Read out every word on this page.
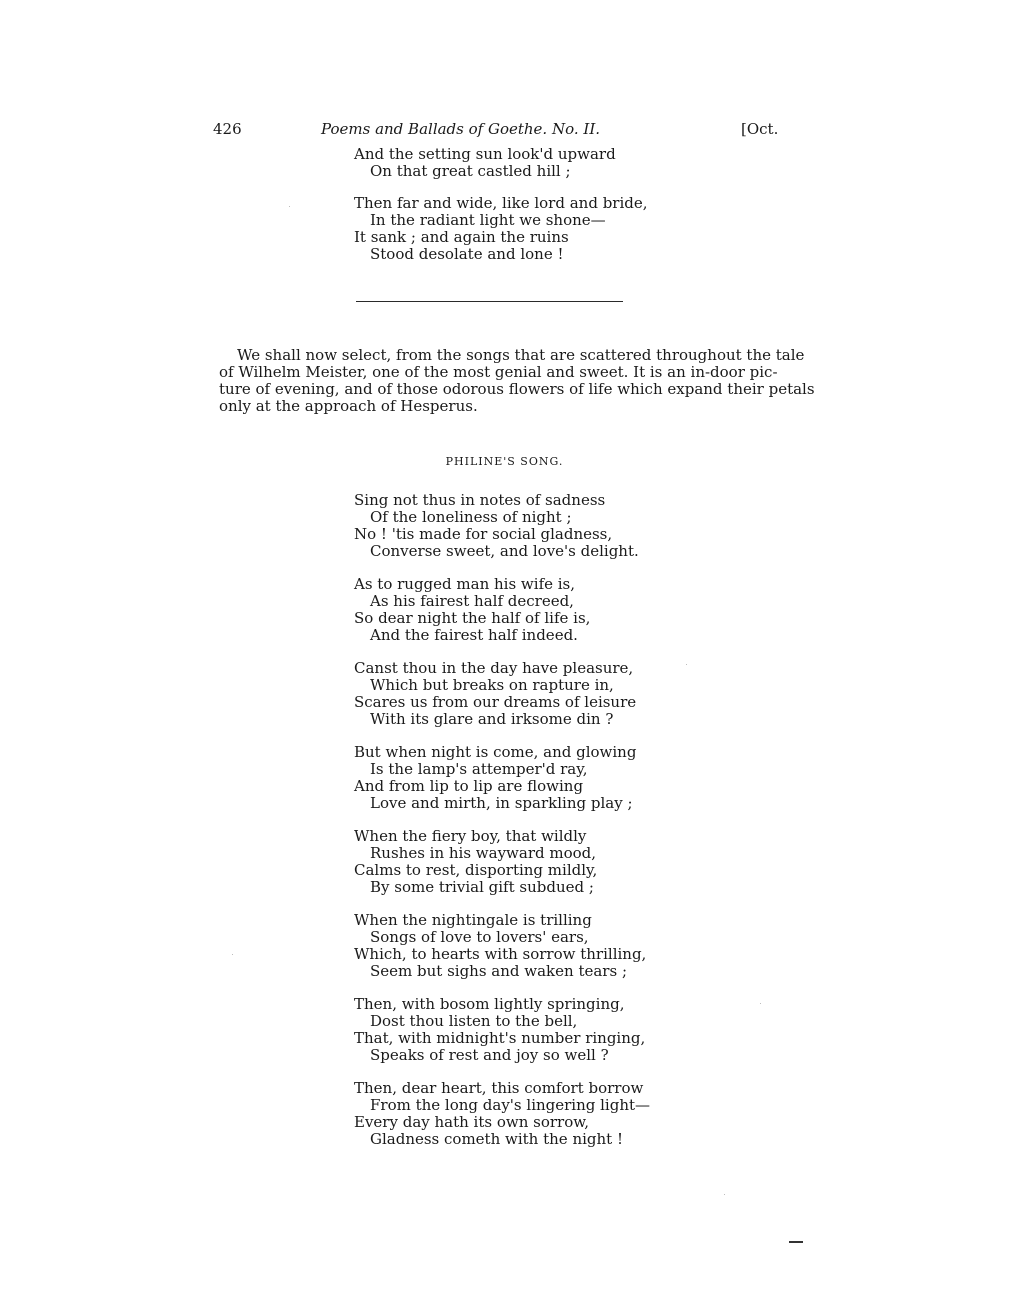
426	Poems and Ballads of Goethe. No. II.	[Oct.
And the setting sun look'd upward
On that great castled hill ;
Then far and wide, like lord and bride,
In the radiant light we shone—
It sank ; and again the ruins
Stood desolate and lone !
We shall now select, from the songs that are scattered throughout the tale
of Wilhelm Meister, one of the most genial and sweet. It is an in-door pic-
ture of evening, and of those odorous flowers of life which expand their petals
only at the approach of Hesperus.
PHILINE'S SONG.
Sing not thus in notes of sadness
Of the loneliness of night ;
No ! 'tis made for social gladness,
Converse sweet, and love's delight.
As to rugged man his wife is,
As his fairest half decreed,
So dear night the half of life is,
And the fairest half indeed.
Canst thou in the day have pleasure,
Which but breaks on rapture in,
Scares us from our dreams of leisure
With its glare and irksome din ?
But when night is come, and glowing
Is the lamp's attemper'd ray,
And from lip to lip are flowing
Love and mirth, in sparkling play ;
When the fiery boy, that wildly
Rushes in his wayward mood,
Calms to rest, disporting mildly,
By some trivial gift subdued ;
When the nightingale is trilling
Songs of love to lovers' ears,
Which, to hearts with sorrow thrilling,
Seem but sighs and waken tears ;
Then, with bosom lightly springing,
Dost thou listen to the bell,
That, with midnight's number ringing,
Speaks of rest and joy so well ?
Then, dear heart, this comfort borrow
From the long day's lingering light—
Every day hath its own sorrow,
Gladness cometh with the night !
